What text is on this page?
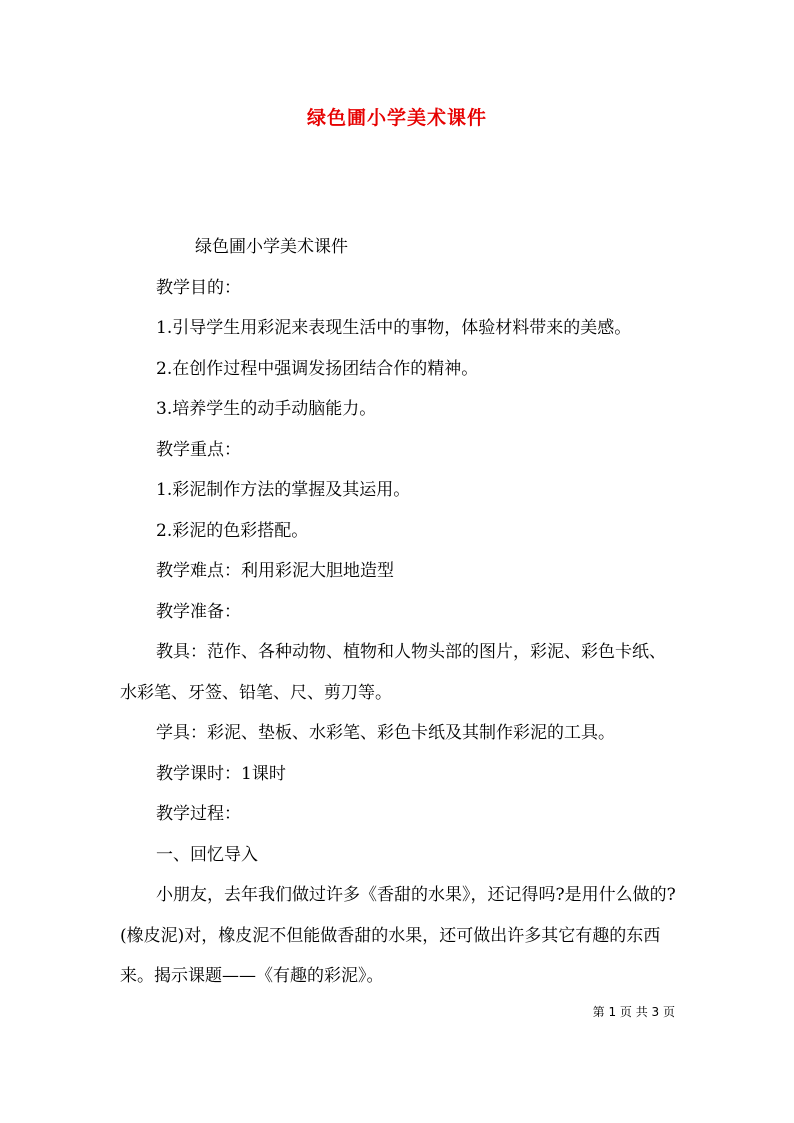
绿色圃小学美术课件

绿色圃小学美术课件

教学目的：

1.引导学生用彩泥来表现生活中的事物，体验材料带来的美感。

2.在创作过程中强调发扬团结合作的精神。

3.培养学生的动手动脑能力。

教学重点：

1.彩泥制作方法的掌握及其运用。

2.彩泥的色彩搭配。

教学难点：利用彩泥大胆地造型

教学准备：

教具：范作、各种动物、植物和人物头部的图片，彩泥、彩色卡纸、水彩笔、牙签、铅笔、尺、剪刀等。

学具：彩泥、垫板、水彩笔、彩色卡纸及其制作彩泥的工具。

教学课时：1课时

教学过程：

一、回忆导入

小朋友，去年我们做过许多《香甜的水果》，还记得吗?是用什么做的?(橡皮泥)对，橡皮泥不但能做香甜的水果，还可做出许多其它有趣的东西来。揭示课题——《有趣的彩泥》。

第 1 页 共 3 页
